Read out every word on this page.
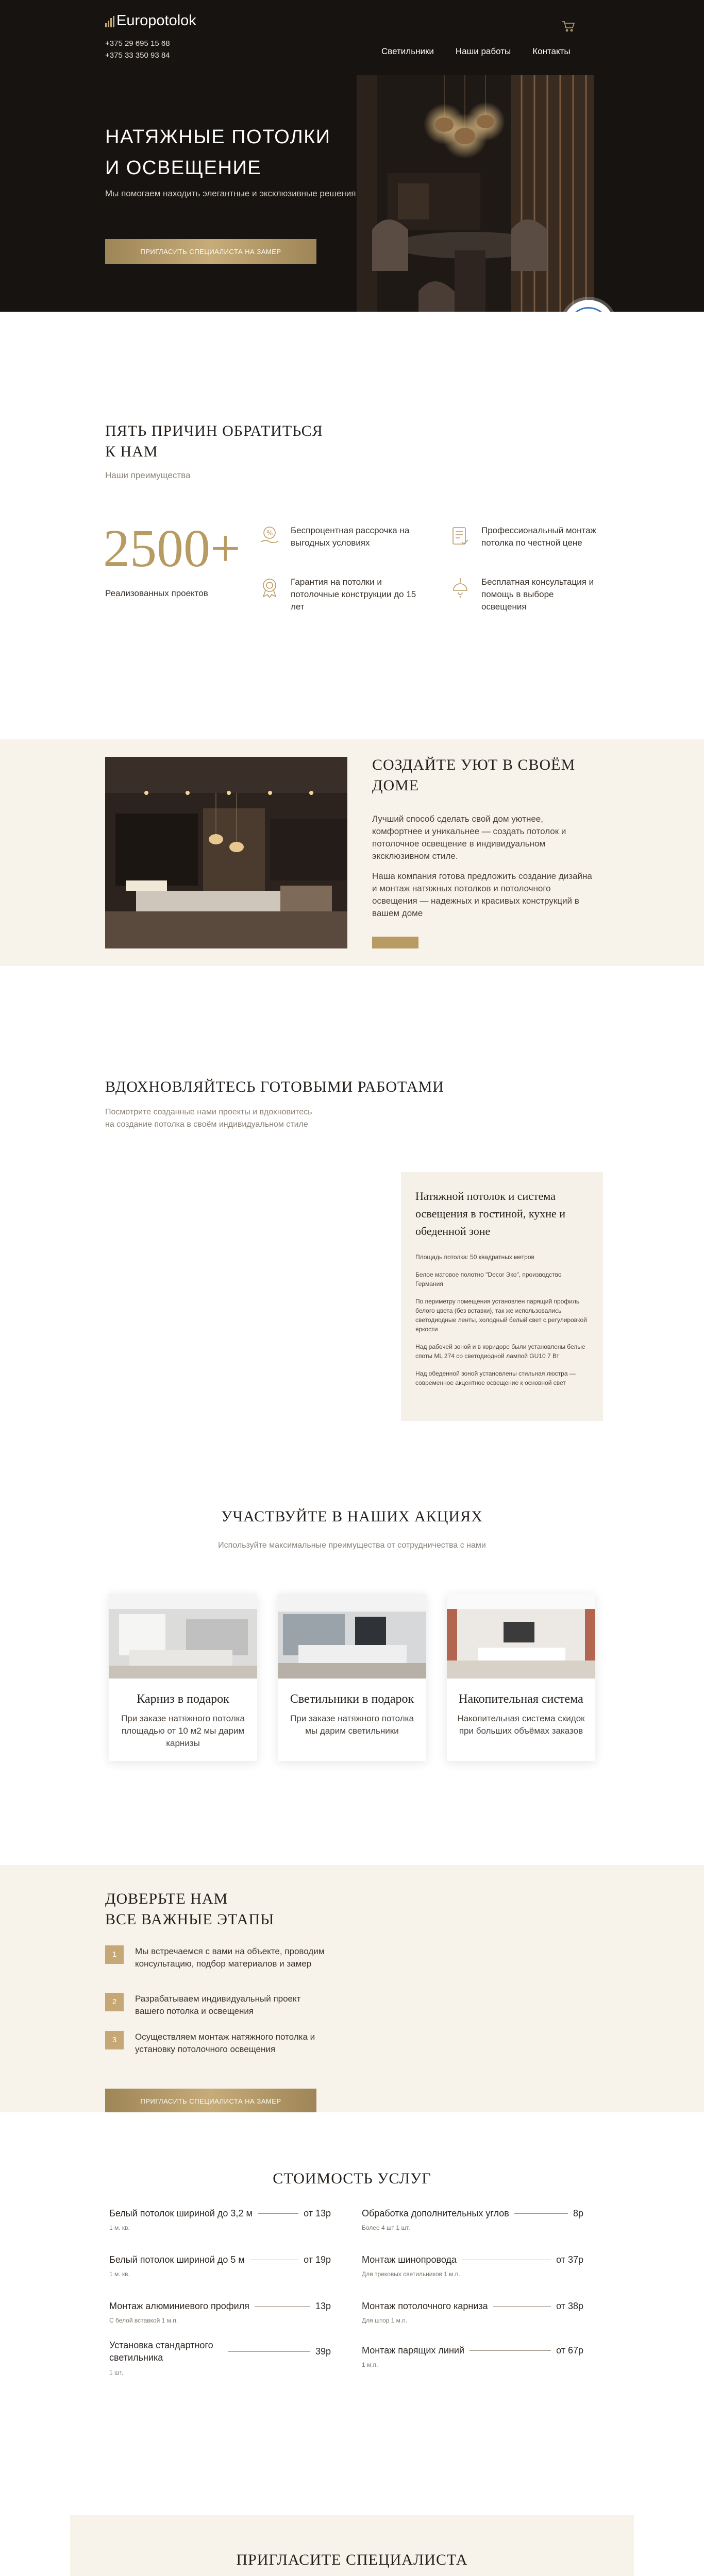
Europotolok
+375 29 695 15 68
+375 33 350 93 84	Светильники Наши работы Контакты
НАТЯЖНЫЕ ПОТОЛКИ
И ОСВЕЩЕНИЕ

Мы помогаем находить элегантные и эксклюзивные решения

ПРИГЛАСИТЬ СПЕЦИАЛИСТА НА ЗАМЕР
ПЯТЬ ПРИЧИН ОБРАТИТЬСЯ
К НАМ
Наши преимущества
2500+
Реализованных проектов
% Беспроцентная рассрочка на выгодных условиях
Профессиональный монтаж потолка по честной цене
Гарантия на потолки и потолочные конструкции до 15 лет
Бесплатная консультация и помощь в выборе освещения
СОЗДАЙТЕ УЮТ В СВОЁМ
ДОМЕ

Лучший способ сделать свой дом уютнее, комфортнее и уникальнее — создать потолок и потолочное освещение в индивидуальном эксклюзивном стиле.

Наша компания готова предложить создание дизайна и монтаж натяжных потолков и потолочного освещения — надежных и красивых конструкций в вашем доме

ВДОХНОВЛЯЙТЕСЬ ГОТОВЫМИ РАБОТАМИ
Посмотрите созданные нами проекты и вдохновитесь
на создание потолка в своём индивидуальном стиле
Натяжной потолок и система освещения в гостиной, кухне и обеденной зоне

Площадь потолка: 50 квадратных метров

Белое матовое полотно "Decor Эко", производство Германия

По периметру помещения установлен парящий профиль белого цвета (без вставки), так же использовались светодиодные ленты, холодный белый свет с регулировкой яркости

Над рабочей зоной и в коридоре были установлены белые споты ML 274 со светодиодной лампой GU10 7 Вт

Над обеденной зоной установлены стильная люстра — современное акцентное освещение к основной свет

УЧАСТВУЙТЕ В НАШИХ АКЦИЯХ
Используйте максимальные преимущества от сотрудничества с нами
Карниз в подарок

При заказе натяжного потолка площадью от 10 м2 мы дарим карнизы

Светильники в подарок

При заказе натяжного потолка мы дарим светильники

Накопительная система

Накопительная система скидок при больших объёмах заказов

ДОВЕРЬТЕ НАМ
ВСЕ ВАЖНЫЕ ЭТАПЫ
1	Мы встречаемся с вами на объекте, проводим консультацию, подбор материалов и замер
2	Разрабатываем индивидуальный проект вашего потолка и освещения
3	Осуществляем монтаж натяжного потолка и установку потолочного освещения
ПРИГЛАСИТЬ СПЕЦИАЛИСТА НА ЗАМЕР
СТОИМОСТЬ УСЛУГ
Белый потолок шириной до 3,2 м	от 13р
1 м. кв.
Обработка дополнительных углов	8р
Более 4 шт 1 шт.
Белый потолок шириной до 5 м	от 19р
1 м. кв.
Монтаж шинопровода	от 37р
Для трековых светильников 1 м.п.
Монтаж алюминиевого профиля	13р
С белой вставкой 1 м.п.
Монтаж потолочного карниза	от 38р
Для штор 1 м.п.
Установка стандартного светильника
39р
1 шт.
Монтаж парящих линий	от 67р
1 м.п.
ПРИГЛАСИТЕ СПЕЦИАЛИСТА
